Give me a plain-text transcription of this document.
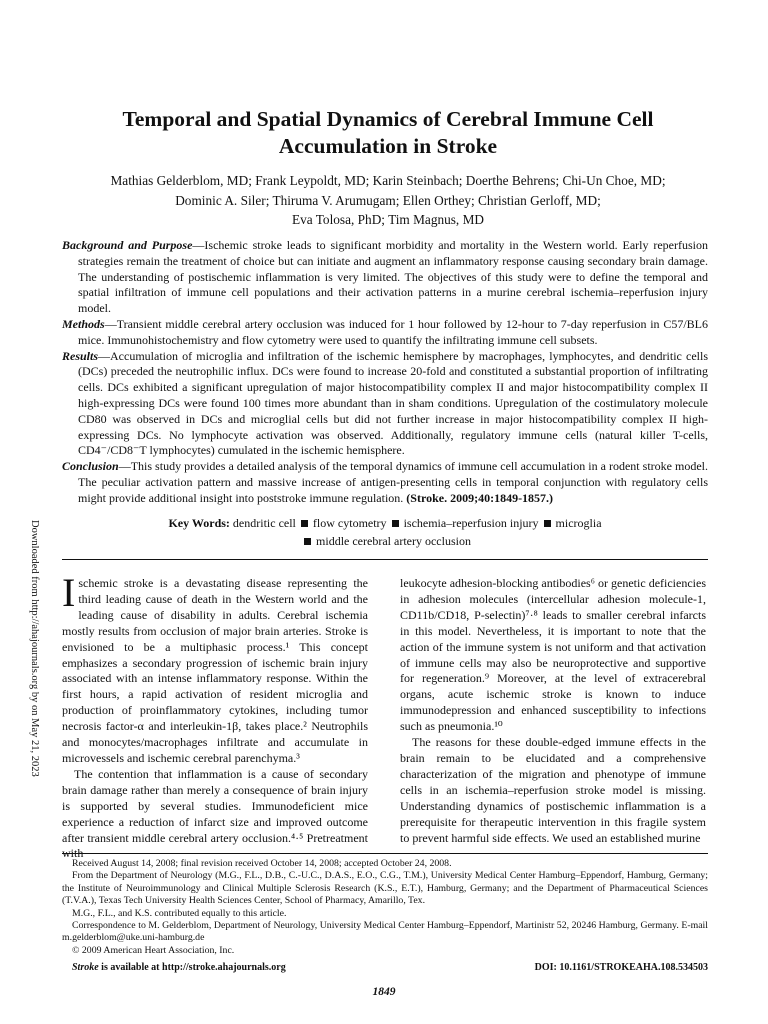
Downloaded from http://ahajournals.org by on May 21, 2023
Temporal and Spatial Dynamics of Cerebral Immune Cell Accumulation in Stroke
Mathias Gelderblom, MD; Frank Leypoldt, MD; Karin Steinbach; Doerthe Behrens; Chi-Un Choe, MD;
Dominic A. Siler; Thiruma V. Arumugam; Ellen Orthey; Christian Gerloff, MD;
Eva Tolosa, PhD; Tim Magnus, MD

Background and Purpose—Ischemic stroke leads to significant morbidity and mortality in the Western world. Early reperfusion strategies remain the treatment of choice but can initiate and augment an inflammatory response causing secondary brain damage. The understanding of postischemic inflammation is very limited. The objectives of this study were to define the temporal and spatial infiltration of immune cell populations and their activation patterns in a murine cerebral ischemia–reperfusion injury model.

Methods—Transient middle cerebral artery occlusion was induced for 1 hour followed by 12-hour to 7-day reperfusion in C57/BL6 mice. Immunohistochemistry and flow cytometry were used to quantify the infiltrating immune cell subsets.

Results—Accumulation of microglia and infiltration of the ischemic hemisphere by macrophages, lymphocytes, and dendritic cells (DCs) preceded the neutrophilic influx. DCs were found to increase 20-fold and constituted a substantial proportion of infiltrating cells. DCs exhibited a significant upregulation of major histocompatibility complex II and major histocompatibility complex II high-expressing DCs were found 100 times more abundant than in sham conditions. Upregulation of the costimulatory molecule CD80 was observed in DCs and microglial cells but did not further increase in major histocompatibility complex II high-expressing DCs. No lymphocyte activation was observed. Additionally, regulatory immune cells (natural killer T-cells, CD4⁻/CD8⁻T lymphocytes) cumulated in the ischemic hemisphere.

Conclusion—This study provides a detailed analysis of the temporal dynamics of immune cell accumulation in a rodent stroke model. The peculiar activation pattern and massive increase of antigen-presenting cells in temporal conjunction with regulatory cells might provide additional insight into poststroke immune regulation. (Stroke. 2009;40:1849-1857.)

Key Words: dendritic cell flow cytometry ischemia–reperfusion injury microglia
middle cerebral artery occlusion

Ischemic stroke is a devastating disease representing the third leading cause of death in the Western world and the leading cause of disability in adults. Cerebral ischemia mostly results from occlusion of major brain arteries. Stroke is envisioned to be a multiphasic process.¹ This concept emphasizes a secondary progression of ischemic brain injury associated with an intense inflammatory response. Within the first hours, a rapid activation of resident microglia and production of proinflammatory cytokines, including tumor necrosis factor-α and interleukin-1β, takes place.² Neutrophils and monocytes/macrophages infiltrate and accumulate in microvessels and ischemic cerebral parenchyma.³

The contention that inflammation is a cause of secondary brain damage rather than merely a consequence of brain injury is supported by several studies. Immunodeficient mice experience a reduction of infarct size and improved outcome after transient middle cerebral artery occlusion.⁴·⁵ Pretreatment with

leukocyte adhesion-blocking antibodies⁶ or genetic deficiencies in adhesion molecules (intercellular adhesion molecule-1, CD11b/CD18, P-selectin)⁷·⁸ leads to smaller cerebral infarcts in this model. Nevertheless, it is important to note that the action of the immune system is not uniform and that activation of immune cells may also be neuroprotective and supportive for regeneration.⁹ Moreover, at the level of extracerebral organs, acute ischemic stroke is known to induce immunodepression and enhanced susceptibility to infections such as pneumonia.¹⁰

The reasons for these double-edged immune effects in the brain remain to be elucidated and a comprehensive characterization of the migration and phenotype of immune cells in an ischemia–reperfusion stroke model is missing. Understanding dynamics of postischemic inflammation is a prerequisite for therapeutic intervention in this fragile system to prevent harmful side effects. We used an established murine

Received August 14, 2008; final revision received October 14, 2008; accepted October 24, 2008.

From the Department of Neurology (M.G., F.L., D.B., C.-U.C., D.A.S., E.O., C.G., T.M.), University Medical Center Hamburg–Eppendorf, Hamburg, Germany; the Institute of Neuroimmunology and Clinical Multiple Sclerosis Research (K.S., E.T.), Hamburg, Germany; and the Department of Pharmaceutical Sciences (T.V.A.), Texas Tech University Health Sciences Center, School of Pharmacy, Amarillo, Tex.

M.G., F.L., and K.S. contributed equally to this article.

Correspondence to M. Gelderblom, Department of Neurology, University Medical Center Hamburg–Eppendorf, Martinistr 52, 20246 Hamburg, Germany. E-mail m.gelderblom@uke.uni-hamburg.de

© 2009 American Heart Association, Inc.

Stroke is available at http://stroke.ahajournals.org	DOI: 10.1161/STROKEAHA.108.534503
1849
